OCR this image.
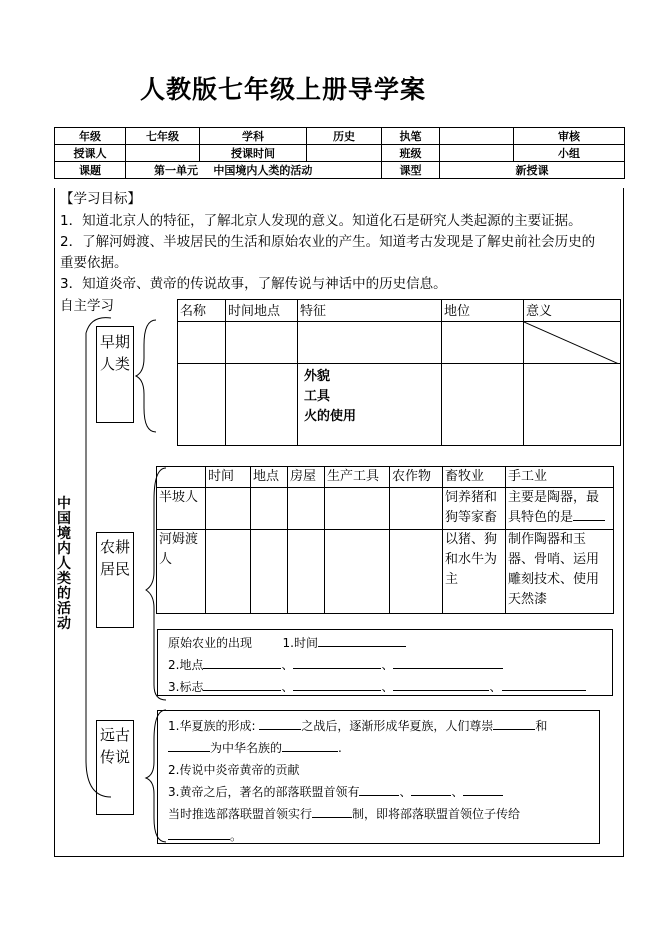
人教版七年级上册导学案
年级	七年级	学科	历史	执笔		审核
授课人		授课时间		班级		小组
课题	第一单元 中国境内人类的活动			课型	新授课	
【学习目标】
1．知道北京人的特征，了解北京人发现的意义。知道化石是研究人类起源的主要证据。
2．了解河姆渡、半坡居民的生活和原始农业的产生。知道考古发现是了解史前社会历史的
重要依据。
3．知道炎帝、黄帝的传说故事，了解传说与神话中的历史信息。
自主学习
中国境内人类的活动
早期人类
名称	时间地点	特征	地位	意义

		外貌
工具
火的使用		

农耕居民
	时间	地点	房屋	生产工具	农作物	畜牧业	手工业
半坡人						饲养猪和狗等家畜	主要是陶器，最具特色的是
河姆渡人						以猪、狗和水牛为主	制作陶器和玉器、骨哨、运用雕刻技术、使用天然漆
原始农业的出现	1.时间
2.地点	、	、
3.标志	、	、	、
远古传说
1.华夏族的形成:	之战后，逐渐形成华夏族，人们尊崇	和
为中华名族的	.
2.传说中炎帝黄帝的贡献
3.黄帝之后，著名的部落联盟首领有	、	、
当时推选部落联盟首领实行	制，即将部落联盟首领位子传给
。
